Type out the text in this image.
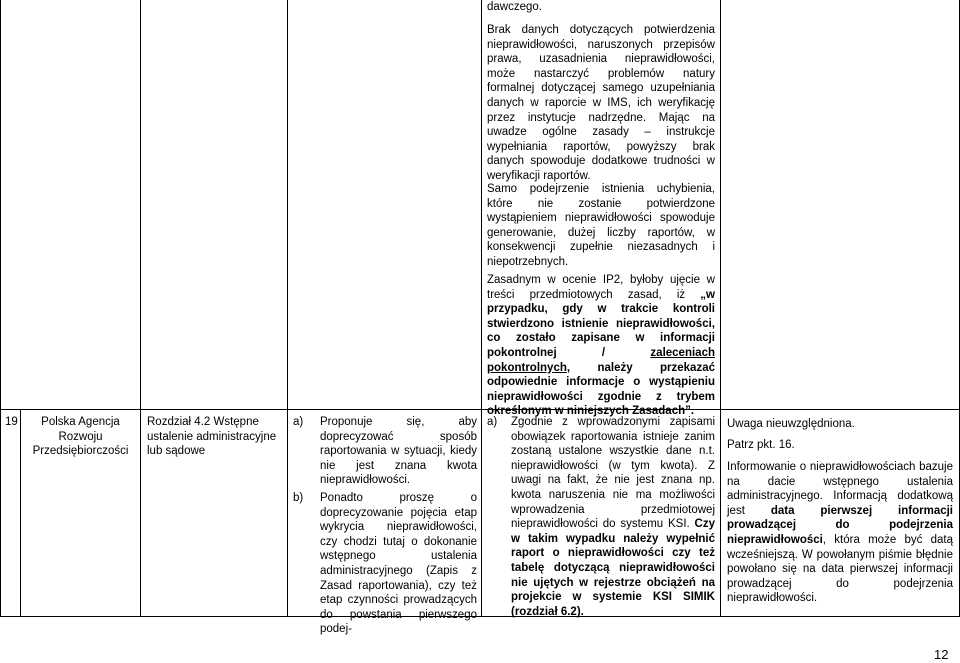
dawczego.
Brak danych dotyczących potwierdzenia nieprawidłowości, naruszonych przepisów prawa, uzasadnienia nieprawidłowości, może nastarczyć problemów natury formalnej dotyczącej samego uzupełniania danych w raporcie w IMS, ich weryfikację przez instytucje nadrzędne. Mając na uwadze ogólne zasady – instrukcje wypełniania raportów, powyższy brak danych spowoduje dodatkowe trudności w weryfikacji raportów.
Samo podejrzenie istnienia uchybienia, które nie zostanie potwierdzone wystąpieniem nieprawidłowości spowoduje generowanie, dużej liczby raportów, w konsekwencji zupełnie niezasadnych i niepotrzebnych.
Zasadnym w ocenie IP2, byłoby ujęcie w treści przedmiotowych zasad, iż „w przypadku, gdy w trakcie kontroli stwierdzono istnienie nieprawidłowości, co zostało zapisane w informacji pokontrolnej / zaleceniach pokontrolnych, należy przekazać odpowiednie informacje o wystąpieniu nieprawidłowości zgodnie z trybem określonym w niniejszych Zasadach”.
19	Polska Agencja Rozwoju Przedsiębiorczości
Rozdział 4.2 Wstępne ustalenie administracyjne lub sądowe
a) Proponuje się, aby doprecyzować sposób raportowania w sytuacji, kiedy nie jest znana kwota nieprawidłowości.
b) Ponadto proszę o doprecyzowanie pojęcia etap wykrycia nieprawidłowości, czy chodzi tutaj o dokonanie wstępnego ustalenia administracyjnego (Zapis z Zasad raportowania), czy też etap czynności prowadzących do powstania pierwszego podej-
a) Zgodnie z wprowadzonymi zapisami obowiązek raportowania istnieje zanim zostaną ustalone wszystkie dane n.t. nieprawidłowości (w tym kwota). Z uwagi na fakt, że nie jest znana np. kwota naruszenia nie ma możliwości wprowadzenia przedmiotowej nieprawidłowości do systemu KSI. Czy w takim wypadku należy wypełnić raport o nieprawidłowości czy też tabelę dotyczącą nieprawidłowości nie ujętych w rejestrze obciążeń na projekcie w systemie KSI SIMIK (rozdział 6.2).
Uwaga nieuwzględniona.
Patrz pkt. 16.
Informowanie o nieprawidłowościach bazuje na dacie wstępnego ustalenia administracyjnego. Informacją dodatkową jest data pierwszej informacji prowadzącej do podejrzenia nieprawidłowości, która może być datą wcześniejszą. W powołanym piśmie błędnie powołano się na data pierwszej informacji prowadzącej do podejrzenia nieprawidłowości.
12
